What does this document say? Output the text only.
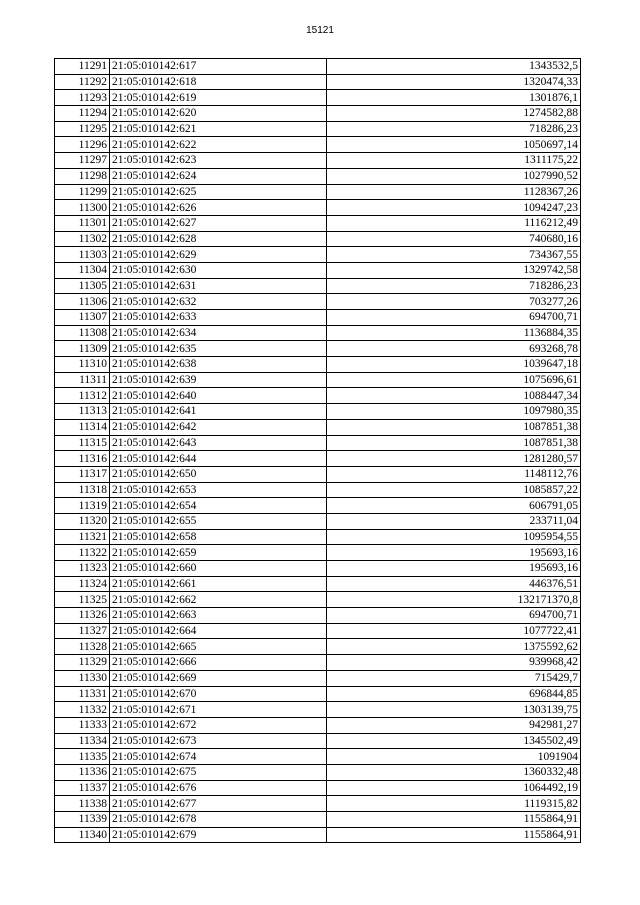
15121
11291	21:05:010142:617	1343532,5
11292	21:05:010142:618	1320474,33
11293	21:05:010142:619	1301876,1
11294	21:05:010142:620	1274582,88
11295	21:05:010142:621	718286,23
11296	21:05:010142:622	1050697,14
11297	21:05:010142:623	1311175,22
11298	21:05:010142:624	1027990,52
11299	21:05:010142:625	1128367,26
11300	21:05:010142:626	1094247,23
11301	21:05:010142:627	1116212,49
11302	21:05:010142:628	740680,16
11303	21:05:010142:629	734367,55
11304	21:05:010142:630	1329742,58
11305	21:05:010142:631	718286,23
11306	21:05:010142:632	703277,26
11307	21:05:010142:633	694700,71
11308	21:05:010142:634	1136884,35
11309	21:05:010142:635	693268,78
11310	21:05:010142:638	1039647,18
11311	21:05:010142:639	1075696,61
11312	21:05:010142:640	1088447,34
11313	21:05:010142:641	1097980,35
11314	21:05:010142:642	1087851,38
11315	21:05:010142:643	1087851,38
11316	21:05:010142:644	1281280,57
11317	21:05:010142:650	1148112,76
11318	21:05:010142:653	1085857,22
11319	21:05:010142:654	606791,05
11320	21:05:010142:655	233711,04
11321	21:05:010142:658	1095954,55
11322	21:05:010142:659	195693,16
11323	21:05:010142:660	195693,16
11324	21:05:010142:661	446376,51
11325	21:05:010142:662	132171370,8
11326	21:05:010142:663	694700,71
11327	21:05:010142:664	1077722,41
11328	21:05:010142:665	1375592,62
11329	21:05:010142:666	939968,42
11330	21:05:010142:669	715429,7
11331	21:05:010142:670	696844,85
11332	21:05:010142:671	1303139,75
11333	21:05:010142:672	942981,27
11334	21:05:010142:673	1345502,49
11335	21:05:010142:674	1091904
11336	21:05:010142:675	1360332,48
11337	21:05:010142:676	1064492,19
11338	21:05:010142:677	1119315,82
11339	21:05:010142:678	1155864,91
11340	21:05:010142:679	1155864,91
